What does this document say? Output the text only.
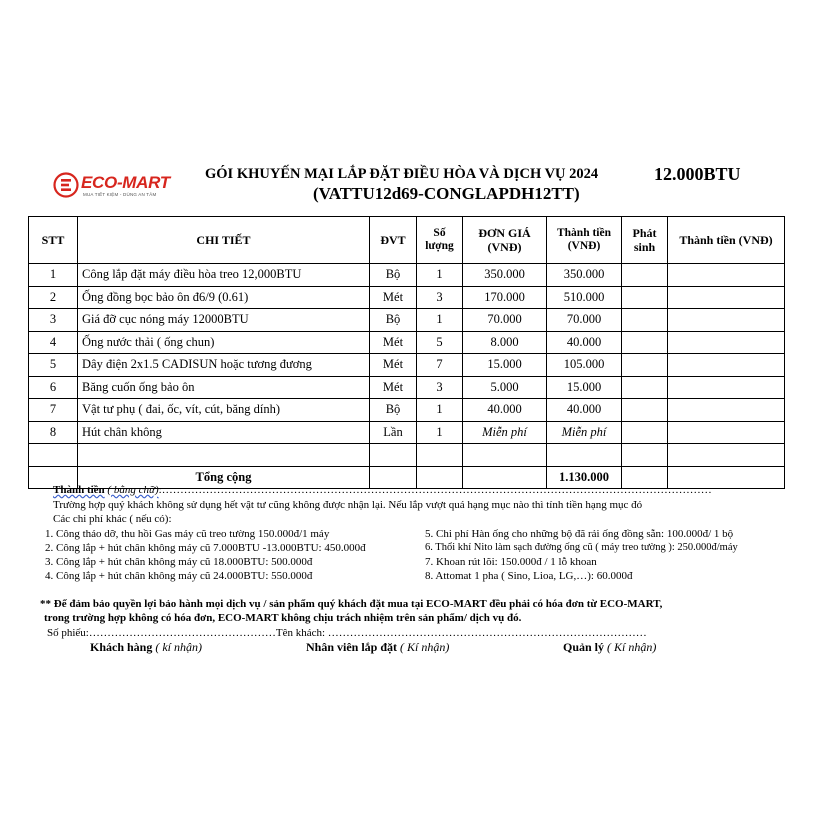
ECO-MART
MUA TIẾT KIỆM - DÙNG AN TÂM
GÓI KHUYẾN MẠI LẮP ĐẶT ĐIỀU HÒA VÀ DỊCH VỤ 2024
(VATTU12d69-CONGLAPDH12TT)
12.000BTU
STT	CHI TIẾT	ĐVT	Số lượng	ĐƠN GIÁ (VNĐ)	Thành tiền (VNĐ)	Phát sinh	Thành tiền (VNĐ)
1	Công lắp đặt máy điều hòa treo 12,000BTU	Bộ	1	350.000	350.000		
2	Ống đồng bọc bảo ôn đ6/9 (0.61)	Mét	3	170.000	510.000		
3	Giá đỡ cục nóng máy 12000BTU	Bộ	1	70.000	70.000		
4	Ống nước thải ( ống chun)	Mét	5	8.000	40.000		
5	Dây điện 2x1.5 CADISUN hoặc tương đương	Mét	7	15.000	105.000		
6	Băng cuốn ống bảo ôn	Mét	3	5.000	15.000		
7	Vật tư phụ ( đai, ốc, vít, cút, băng dính)	Bộ	1	40.000	40.000		
8	Hút chân không	Lần	1	Miễn phí	Miễn phí		

	Tổng cộng				1.130.000		
Thành tiền ( bằng chữ):……………………………………………………………………………………………………………………………………
Trường hợp quý khách không sử dụng hết vật tư cũng không được nhận lại. Nếu lắp vượt quá hạng mục nào thì tính tiền hạng mục đó
Các chi phí khác ( nếu có):
1. Công tháo dỡ, thu hồi Gas máy cũ treo tường 150.000đ/1 máy
2. Công lắp + hút chân không máy cũ 7.000BTU -13.000BTU: 450.000đ
3. Công lắp + hút chân không máy cũ 18.000BTU: 500.000đ
4. Công lắp + hút chân không máy cũ 24.000BTU: 550.000đ
5. Chi phí Hàn ống cho những bộ đã rải ống đồng sẵn: 100.000đ/ 1 bộ
6. Thổi khí Nito làm sạch đường ống cũ ( máy treo tường ): 250.000đ/máy
7. Khoan rút lõi: 150.000đ / 1 lỗ khoan
8. Attomat 1 pha ( Sino, Lioa, LG,…): 60.000đ
** Để đảm bảo quyền lợi bảo hành mọi dịch vụ / sản phẩm quý khách đặt mua tại ECO-MART đều phải có hóa đơn từ ECO-MART,
trong trường hợp không có hóa đơn, ECO-MART không chịu trách nhiệm trên sản phẩm/ dịch vụ đó.
Số phiếu:……………………………………………Tên khách: ……………………………………………………………………………
Khách hàng ( kí nhận)	Nhân viên lắp đặt ( Kí nhận)	Quản lý ( Kí nhận)
